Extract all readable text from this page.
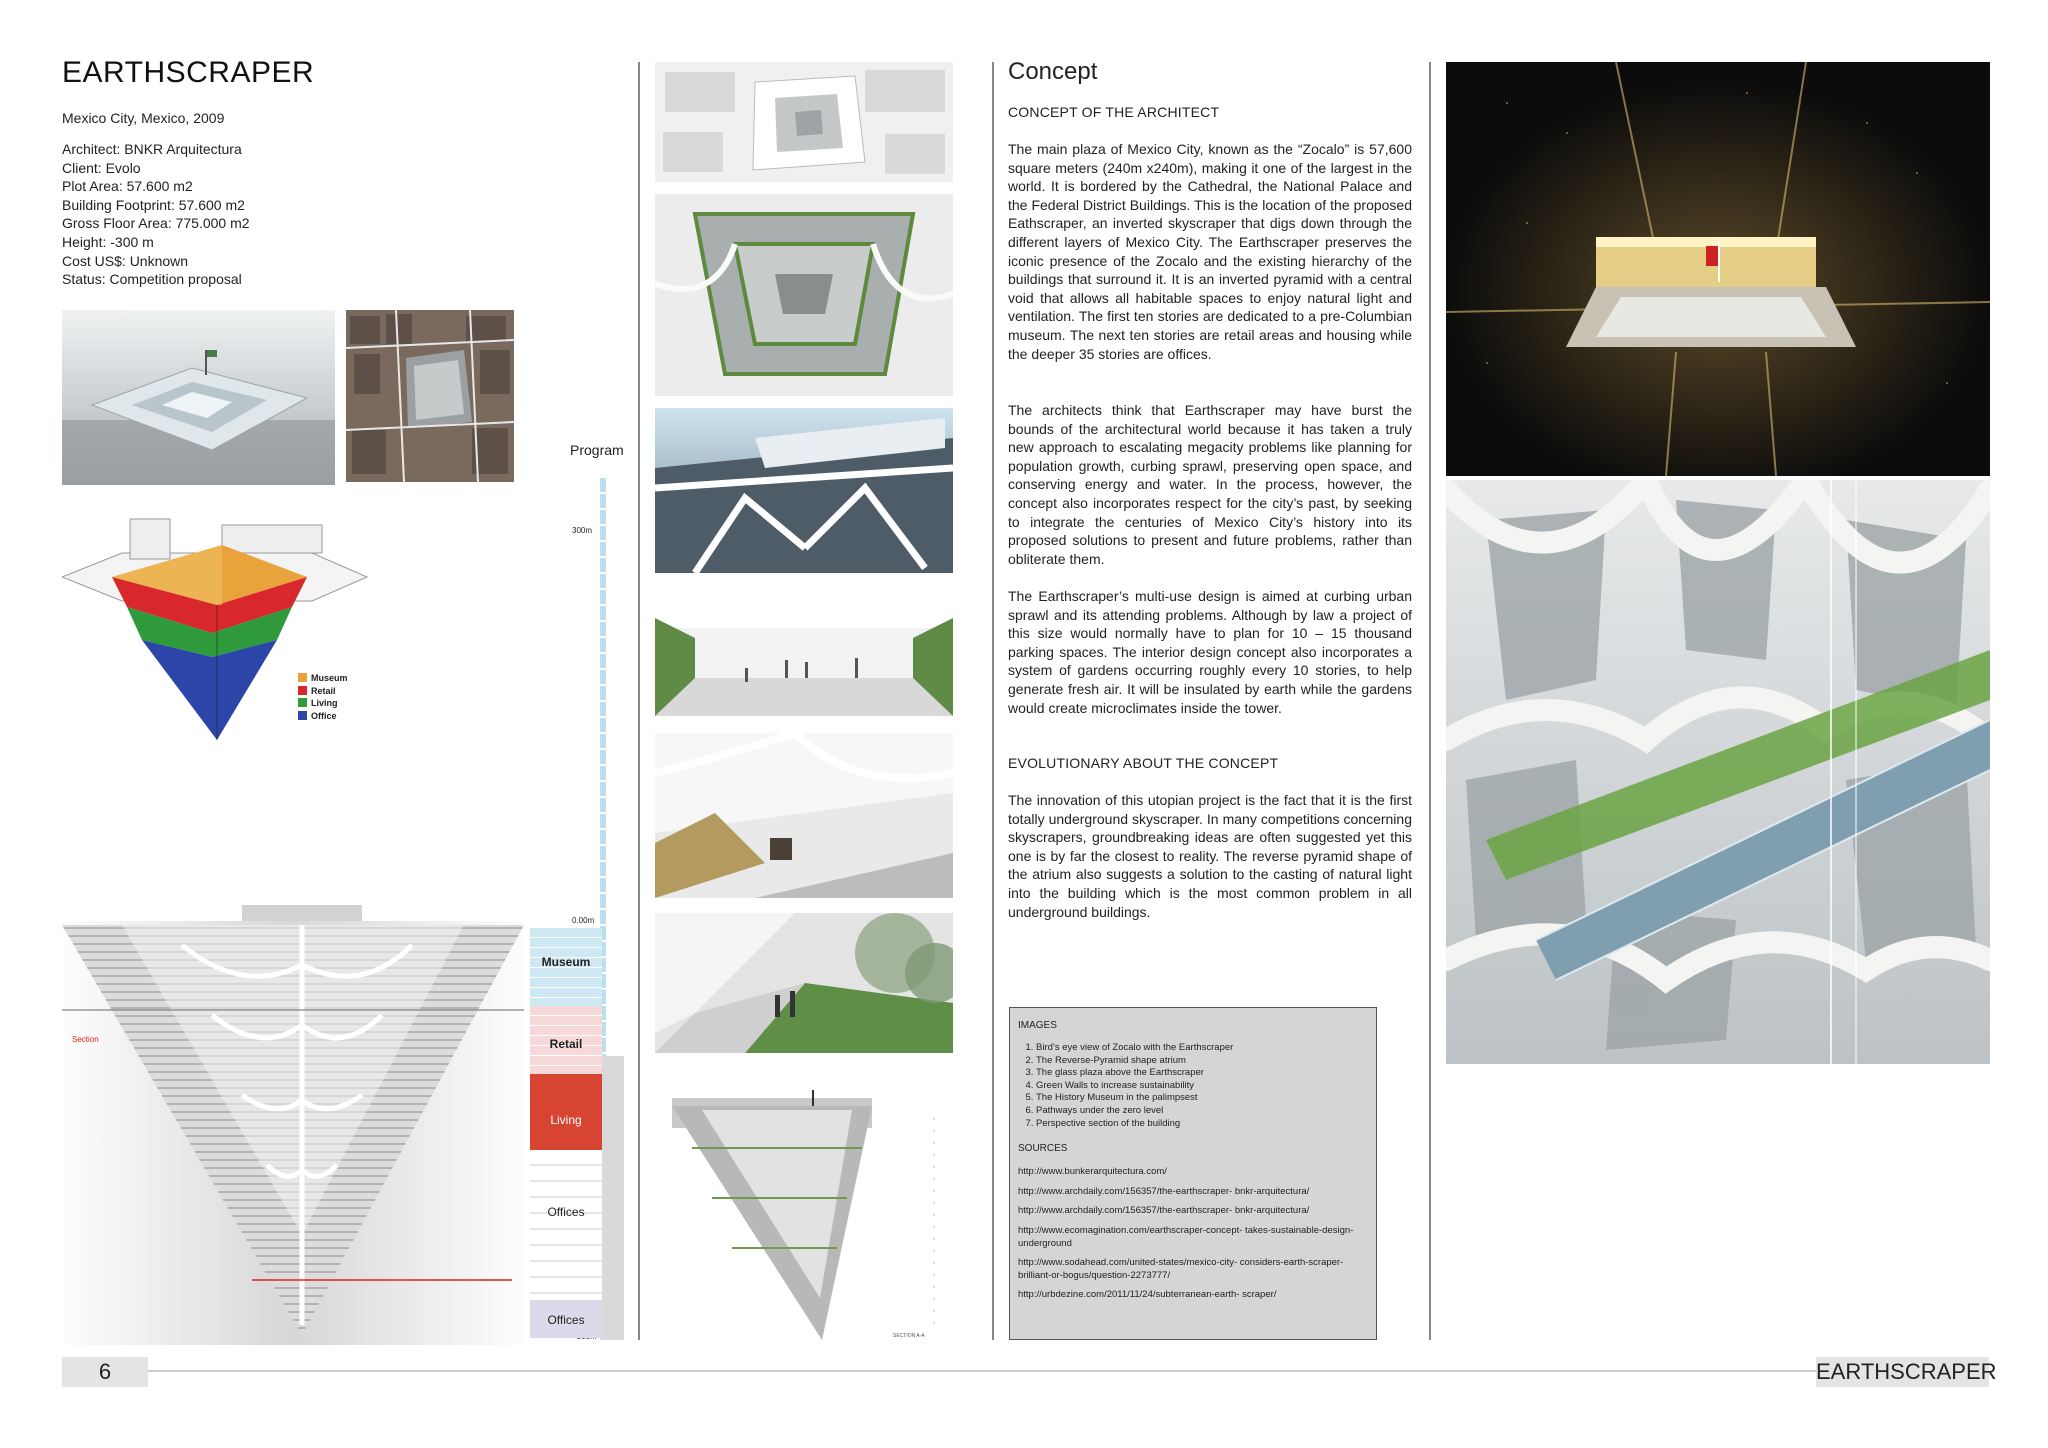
EARTHSCRAPER
Mexico City, Mexico, 2009
Architect: BNKR Arquitectura
Client: Evolo
Plot Area: 57.600 m2
Building Footprint: 57.600 m2
Gross Floor Area: 775.000 m2
Height: -300 m
Cost US$: Unknown
Status: Competition proposal
Museum
Retail
Living
Office
Section
Program
300m
0.00m
Museum
Retail
Living
Offices
Offices
SECTION A-A
Concept
CONCEPT OF THE ARCHITECT
The main plaza of Mexico City, known as the “Zocalo” is 57,600 square meters (240m x240m), making it one of the largest in the world. It is bordered by the Cathedral, the National Palace and the Federal District Buildings. This is the location of the proposed Eathscraper, an inverted skyscraper that digs down through the different layers of Mexico City. The Earthscraper preserves the iconic presence of the Zocalo and the existing hierarchy of the buildings that surround it. It is an inverted pyramid with a central void that allows all habitable spaces to enjoy natural light and ventilation. The first ten stories are dedicated to a pre-Columbian museum. The next ten stories are retail areas and housing while the deeper 35 stories are offices.
The architects think that Earthscraper may have burst the bounds of the architectural world because it has taken a truly new approach to escalating megacity problems like planning for population growth, curbing sprawl, preserving open space, and conserving energy and water. In the process, however, the concept also incorporates respect for the city’s past, by seeking to integrate the centuries of Mexico City’s history into its proposed solutions to present and future problems, rather than obliterate them.
The Earthscraper’s multi-use design is aimed at curbing urban sprawl and its attending problems. Although by law a project of this size would normally have to plan for 10 – 15 thousand parking spaces. The interior design concept also incorporates a system of gardens occurring roughly every 10 stories, to help generate fresh air. It will be insulated by earth while the gardens would create microclimates inside the tower.
EVOLUTIONARY ABOUT THE CONCEPT
The innovation of this utopian project is the fact that it is the first totally underground skyscraper. In many competitions concerning skyscrapers, groundbreaking ideas are often suggested yet this one is by far the closest to reality. The reverse pyramid shape of the atrium also suggests a solution to the casting of natural light into the building which is the most common problem in all underground buildings.
IMAGES
1. Bird’s eye view of Zocalo with the Earthscraper
2. The Reverse-Pyramid shape atrium
3. The glass plaza above the Earthscraper
4. Green Walls to increase sustainability
5. The History Museum in the palimpsest
6. Pathways under the zero level
7. Perspective section of the building
SOURCES
http://www.bunkerarquitectura.com/
http://www.archdaily.com/156357/the-earthscraper- bnkr-arquitectura/
http://www.archdaily.com/156357/the-earthscraper- bnkr-arquitectura/
http://www.ecomagination.com/earthscraper-concept- takes-sustainable-design- underground
http://www.sodahead.com/united-states/mexico-city- considers-earth-scraper- brilliant-or-bogus/question-2273777/
http://urbdezine.com/2011/11/24/subterranean-earth- scraper/
6	EARTHSCRAPER
